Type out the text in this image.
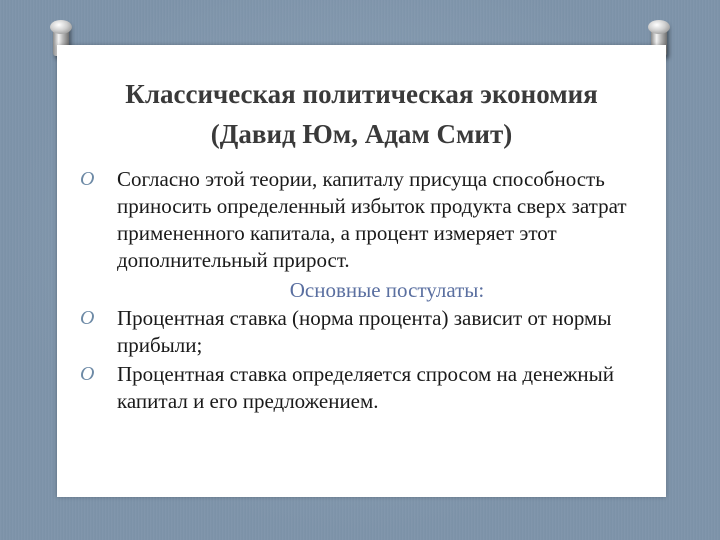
Классическая политическая экономия
(Давид Юм, Адам Смит)
O Согласно этой теории, капиталу присуща способность приносить определенный избыток продукта сверх затрат примененного капитала, а процент измеряет этот дополнительный прирост.

Основные постулаты:
O Процентная ставка (норма процента) зависит от нормы прибыли;

O Процентная ставка определяется спросом на денежный капитал и его предложением.
